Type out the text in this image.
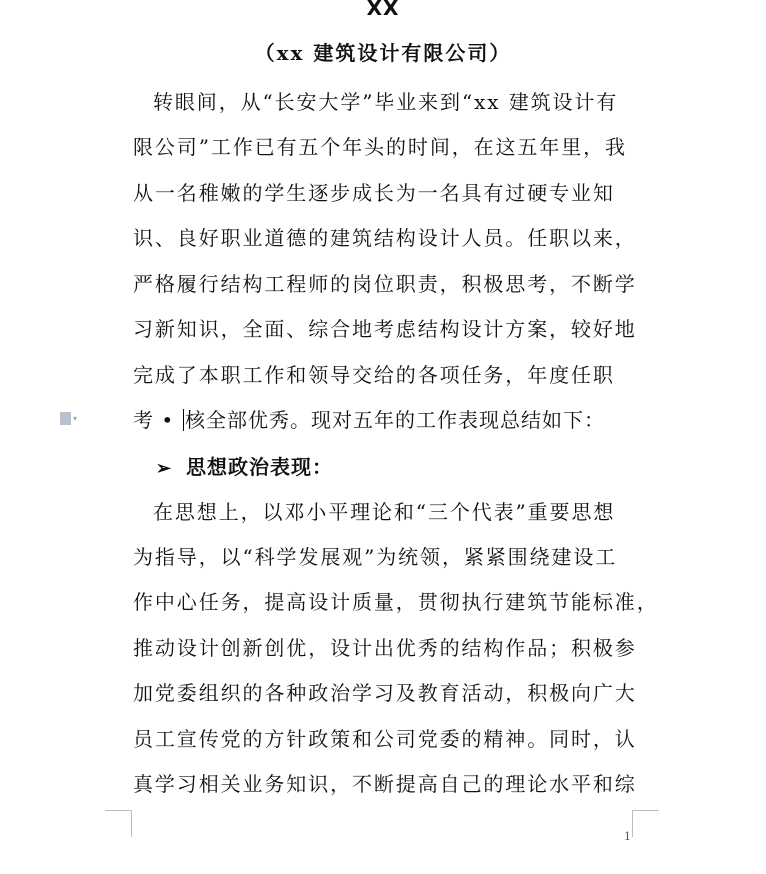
XX
（xx 建筑设计有限公司）
转眼间，从“长安大学”毕业来到“xx 建筑设计有
限公司”工作已有五个年头的时间，在这五年里，我
从一名稚嫩的学生逐步成长为一名具有过硬专业知
识、良好职业道德的建筑结构设计人员。任职以来，
严格履行结构工程师的岗位职责，积极思考，不断学
习新知识，全面、综合地考虑结构设计方案，较好地
完成了本职工作和领导交给的各项任务，年度任职
考 • 核全部优秀。现对五年的工作表现总结如下：
▾
➢ 思想政治表现：
在思想上，以邓小平理论和“三个代表”重要思想
为指导，以“科学发展观”为统领，紧紧围绕建设工
作中心任务，提高设计质量，贯彻执行建筑节能标准，
推动设计创新创优，设计出优秀的结构作品；积极参
加党委组织的各种政治学习及教育活动，积极向广大
员工宣传党的方针政策和公司党委的精神。同时，认
真学习相关业务知识，不断提高自己的理论水平和综
1
